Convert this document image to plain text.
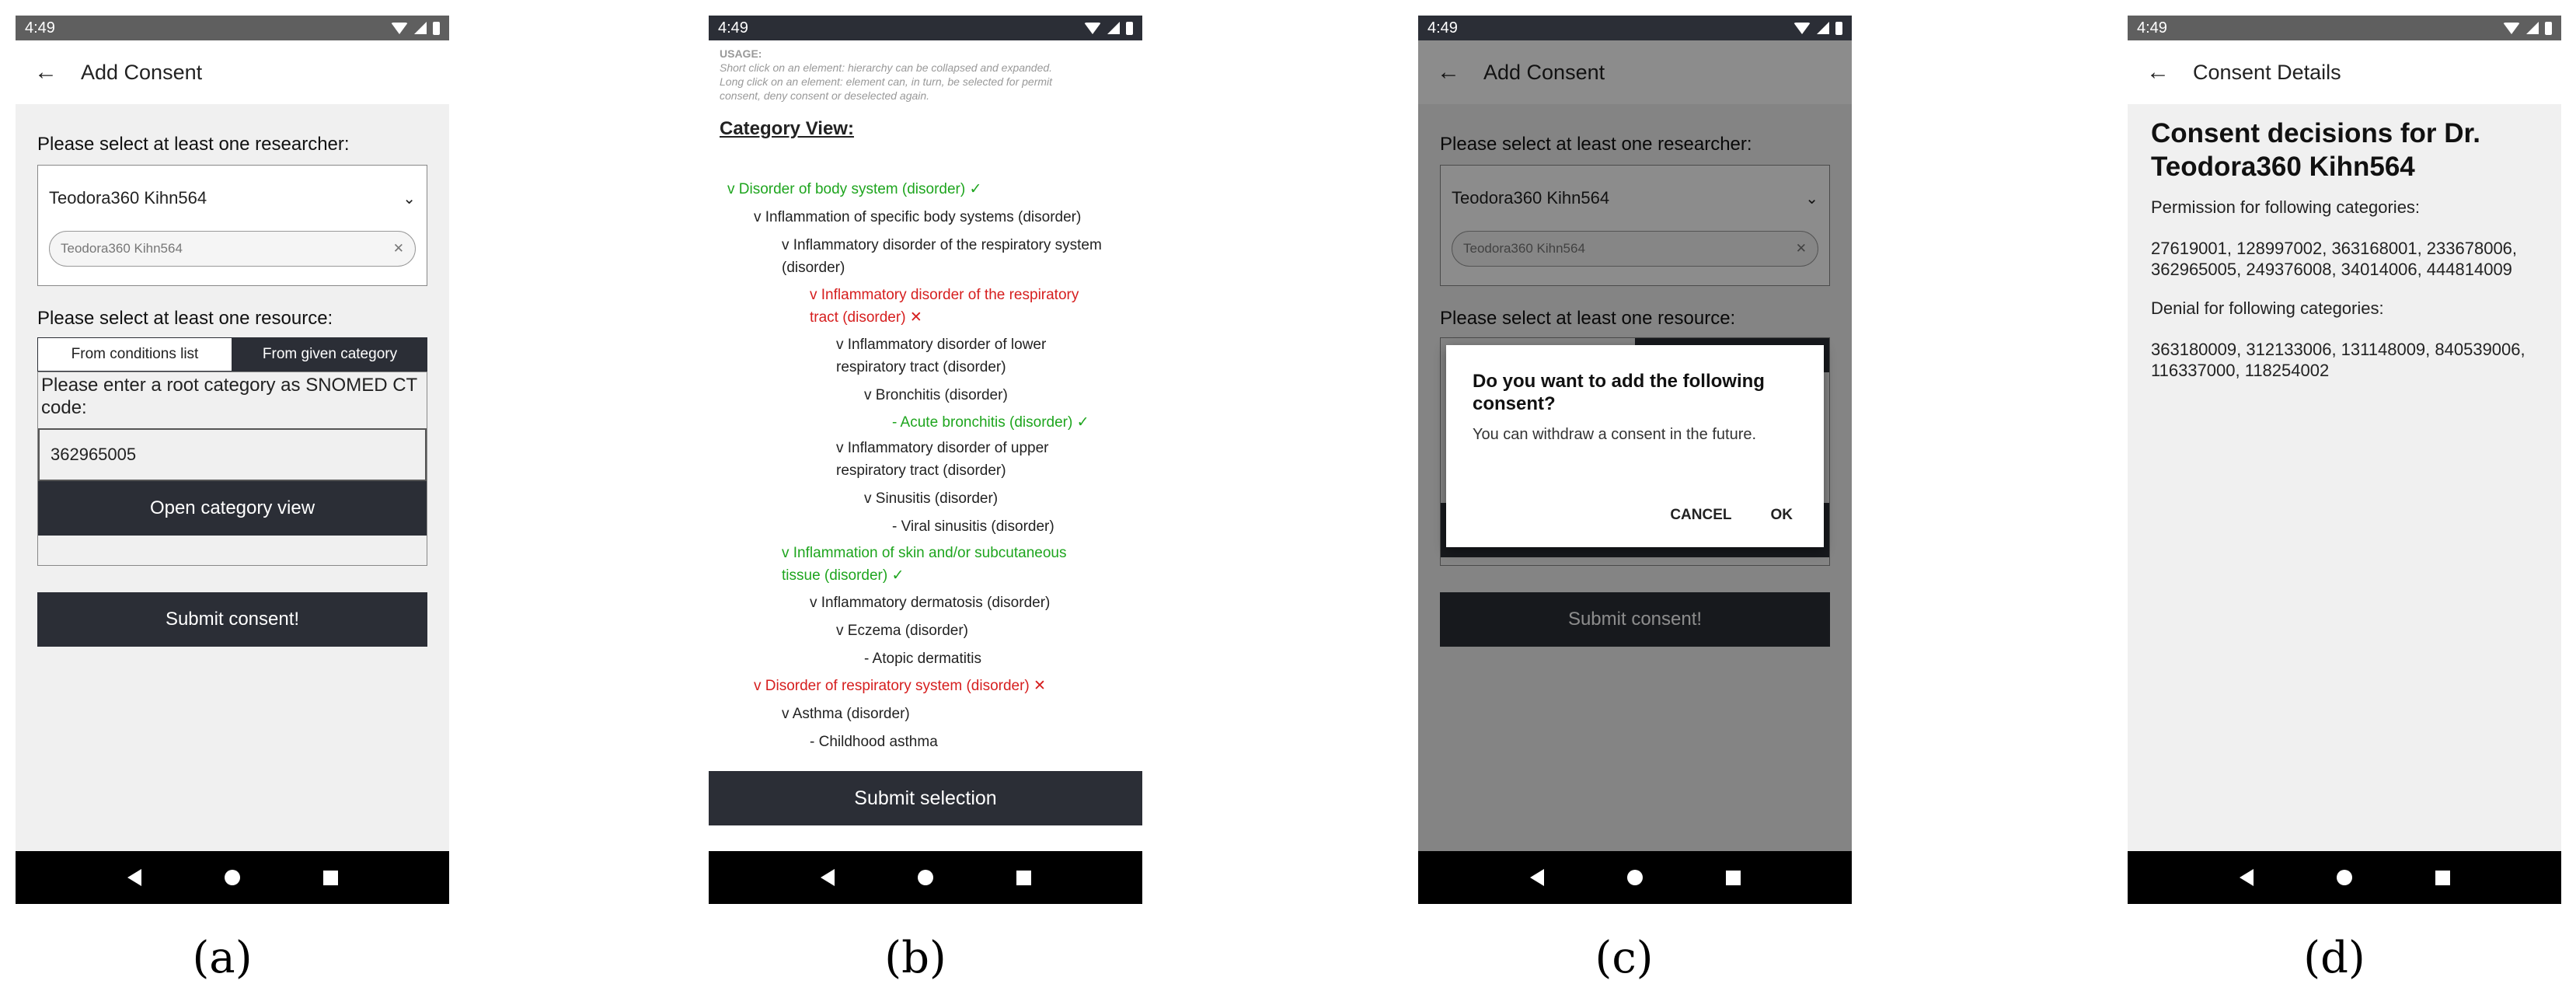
4:49
←	Add Consent
Please select at least one researcher:
Teodora360 Kihn564	⌄
Teodora360 Kihn564	✕
Please select at least one resource:
From conditions list	From given category
Please enter a root category as SNOMED CT code:
362965005
Open category view
Submit consent!
4:49
USAGE:
Short click on an element: hierarchy can be collapsed and expanded.
Long click on an element: element can, in turn, be selected for permit
consent, deny consent or deselected again.
Category View:
v Disorder of body system (disorder) ✓
v Inflammation of specific body systems (disorder)
v Inflammatory disorder of the respiratory system
(disorder)
v Inflammatory disorder of the respiratory
tract (disorder) ✕
v Inflammatory disorder of lower
respiratory tract (disorder)
v Bronchitis (disorder)
- Acute bronchitis (disorder) ✓
v Inflammatory disorder of upper
respiratory tract (disorder)
v Sinusitis (disorder)
- Viral sinusitis (disorder)
v Inflammation of skin and/or subcutaneous
tissue (disorder) ✓
v Inflammatory dermatosis (disorder)
v Eczema (disorder)
- Atopic dermatitis
v Disorder of respiratory system (disorder) ✕
v Asthma (disorder)
- Childhood asthma
Submit selection
4:49
←	Add Consent
Please select at least one researcher:
Teodora360 Kihn564	⌄
Teodora360 Kihn564	✕
Please select at least one resource:
Submit consent!
Do you want to add the following consent?
You can withdraw a consent in the future.
CANCEL	OK
4:49
←	Consent Details
Consent decisions for Dr. Teodora360 Kihn564
Permission for following categories:
27619001, 128997002, 363168001, 233678006, 362965005, 249376008, 34014006, 444814009
Denial for following categories:
363180009, 312133006, 131148009, 840539006, 116337000, 118254002
(a)	(b)	(c)	(d)
